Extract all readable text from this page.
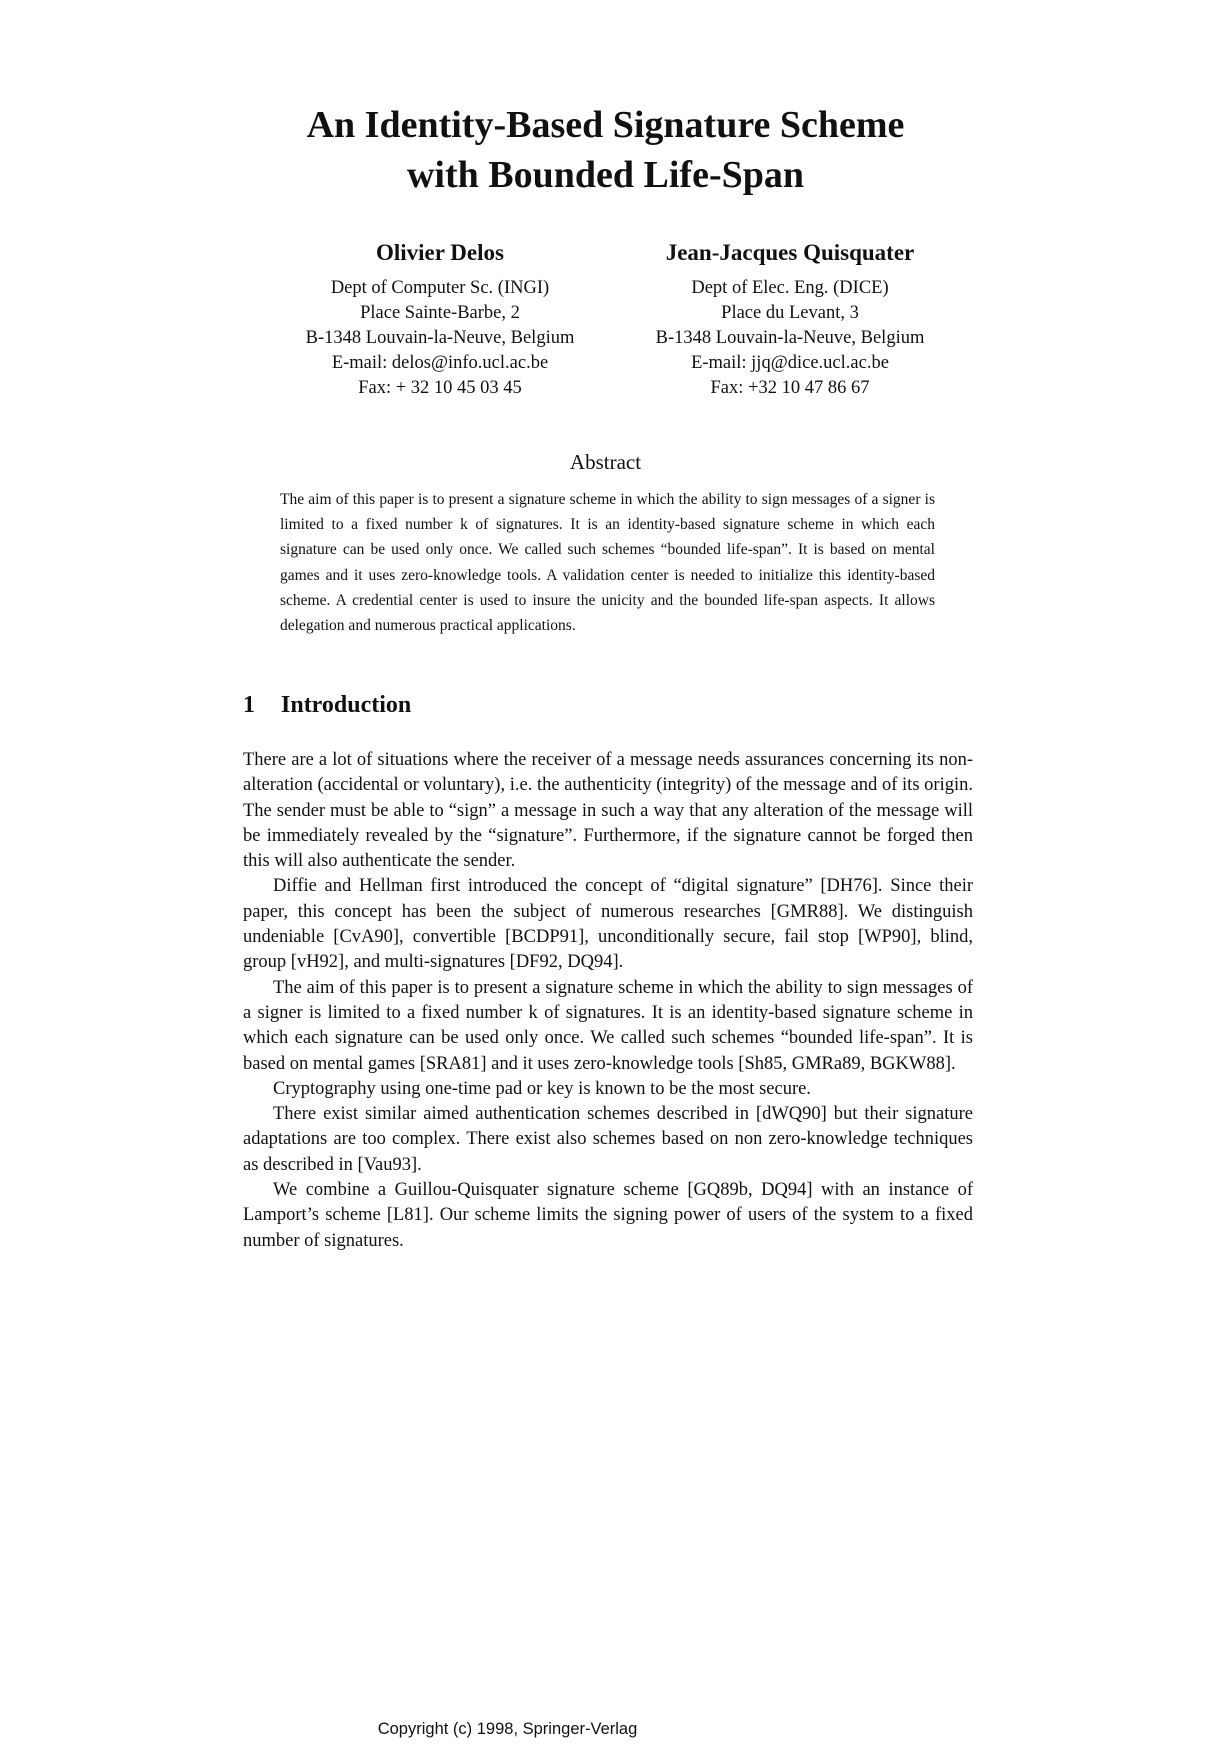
An Identity-Based Signature Scheme
with Bounded Life-Span
Olivier Delos
Dept of Computer Sc. (INGI)
Place Sainte-Barbe, 2
B-1348 Louvain-la-Neuve, Belgium
E-mail: delos@info.ucl.ac.be
Fax: + 32 10 45 03 45
Jean-Jacques Quisquater
Dept of Elec. Eng. (DICE)
Place du Levant, 3
B-1348 Louvain-la-Neuve, Belgium
E-mail: jjq@dice.ucl.ac.be
Fax: +32 10 47 86 67
Abstract

The aim of this paper is to present a signature scheme in which the ability to sign messages of a signer is limited to a fixed number k of signatures. It is an identity-based signature scheme in which each signature can be used only once. We called such schemes “bounded life-span”. It is based on mental games and it uses zero-knowledge tools. A validation center is needed to initialize this identity-based scheme. A credential center is used to insure the unicity and the bounded life-span aspects. It allows delegation and numerous practical applications.

1 Introduction

There are a lot of situations where the receiver of a message needs assurances concerning its non-alteration (accidental or voluntary), i.e. the authenticity (integrity) of the message and of its origin. The sender must be able to “sign” a message in such a way that any alteration of the message will be immediately revealed by the “signature”. Furthermore, if the signature cannot be forged then this will also authenticate the sender.

Diffie and Hellman first introduced the concept of “digital signature” [DH76]. Since their paper, this concept has been the subject of numerous researches [GMR88]. We distinguish undeniable [CvA90], convertible [BCDP91], unconditionally secure, fail stop [WP90], blind, group [vH92], and multi-signatures [DF92, DQ94].

The aim of this paper is to present a signature scheme in which the ability to sign messages of a signer is limited to a fixed number k of signatures. It is an identity-based signature scheme in which each signature can be used only once. We called such schemes “bounded life-span”. It is based on mental games [SRA81] and it uses zero-knowledge tools [Sh85, GMRa89, BGKW88].

Cryptography using one-time pad or key is known to be the most secure.

There exist similar aimed authentication schemes described in [dWQ90] but their signature adaptations are too complex. There exist also schemes based on non zero-knowledge techniques as described in [Vau93].

We combine a Guillou-Quisquater signature scheme [GQ89b, DQ94] with an instance of Lamport’s scheme [L81]. Our scheme limits the signing power of users of the system to a fixed number of signatures.

Copyright (c) 1998, Springer-Verlag
